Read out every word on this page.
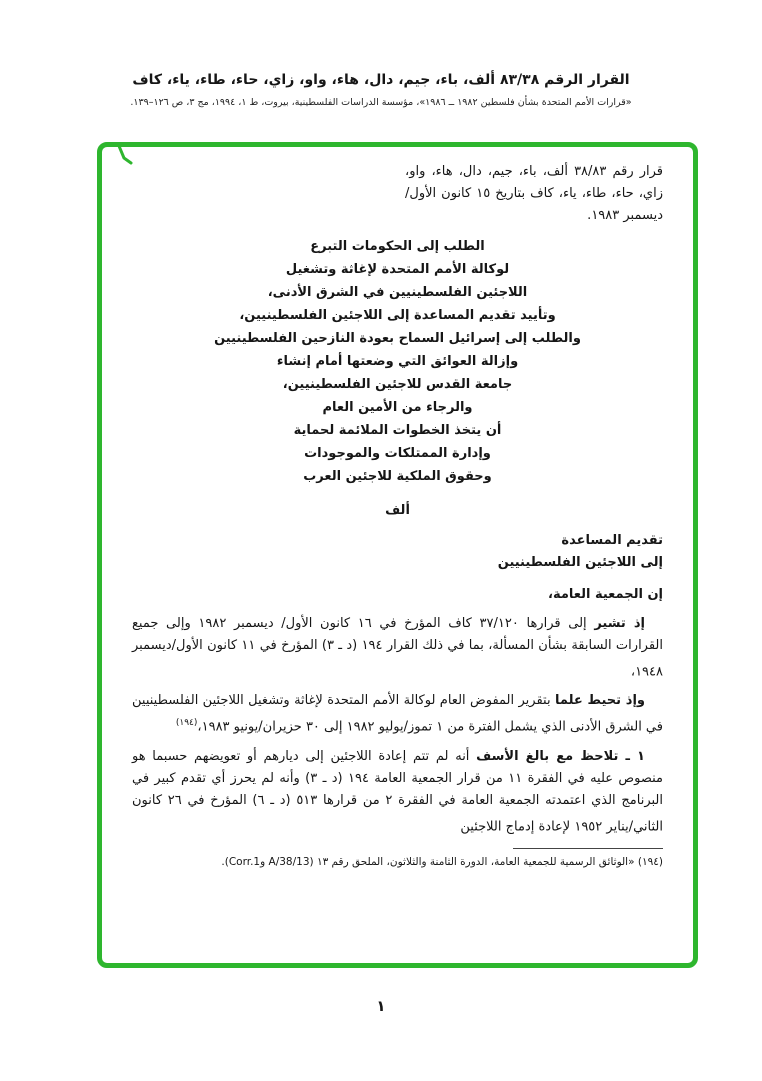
القرار الرقم ٨٣/٣٨ ألف، باء، جيم، دال، هاء، واو، زاي، حاء، طاء، ياء، كاف
«قرارات الأمم المتحدة بشأن فلسطين ١٩٨٢ ــ ١٩٨٦»، مؤسسة الدراسات الفلسطينية، بيروت، ط ١، ١٩٩٤، مج ٣، ص ١٢٦–١٣٩.

قرار رقم ٣٨/٨٣ ألف، باء، جيم، دال، هاء، واو، زاي، حاء، طاء، ياء، كاف بتاريخ ١٥ كانون الأول/ديسمبر ١٩٨٣.

الطلب إلى الحكومات التبرع
لوكالة الأمم المتحدة لإغاثة وتشغيل
اللاجئين الفلسطينيين في الشرق الأدنى،
وتأييد تقديم المساعدة إلى اللاجئين الفلسطينيين،
والطلب إلى إسرائيل السماح بعودة النازحين الفلسطينيين
وإزالة العوائق التي وضعتها أمام إنشاء
جامعة القدس للاجئين الفلسطينيين،
والرجاء من الأمين العام
أن يتخذ الخطوات الملائمة لحماية
وإدارة الممتلكات والموجودات
وحقوق الملكية للاجئين العرب
ألف
تقديم المساعدة
إلى اللاجئين الفلسطينيين

إن الجمعية العامة،

إذ تشير إلى قرارها ٣٧/١٢٠ كاف المؤرخ في ١٦ كانون الأول/ ديسمبر ١٩٨٢ وإلى جميع القرارات السابقة بشأن المسألة، بما في ذلك القرار ١٩٤ (د ـ ٣) المؤرخ في ١١ كانون الأول/ديسمبر ١٩٤٨،

وإذ تحيط علما بتقرير المفوض العام لوكالة الأمم المتحدة لإغاثة وتشغيل اللاجئين الفلسطينيين في الشرق الأدنى الذي يشمل الفترة من ١ تموز/يوليو ١٩٨٢ إلى ٣٠ حزيران/يونيو ١٩٨٣،$^{(١٩٤)}$

١ ـ تلاحظ مع بالغ الأسف أنه لم تتم إعادة اللاجئين إلى ديارهم أو تعويضهم حسبما هو منصوص عليه في الفقرة ١١ من قرار الجمعية العامة ١٩٤ (د ـ ٣) وأنه لم يحرز أي تقدم كبير في البرنامج الذي اعتمدته الجمعية العامة في الفقرة ٢ من قرارها ٥١٣ (د ـ ٦) المؤرخ في ٢٦ كانون الثاني/يناير ١٩٥٢ لإعادة إدماج اللاجئين

(١٩٤) «الوثائق الرسمية للجمعية العامة، الدورة الثامنة والثلاثون، الملحق رقم ١٣ (A/38/13 وCorr.1).

١
